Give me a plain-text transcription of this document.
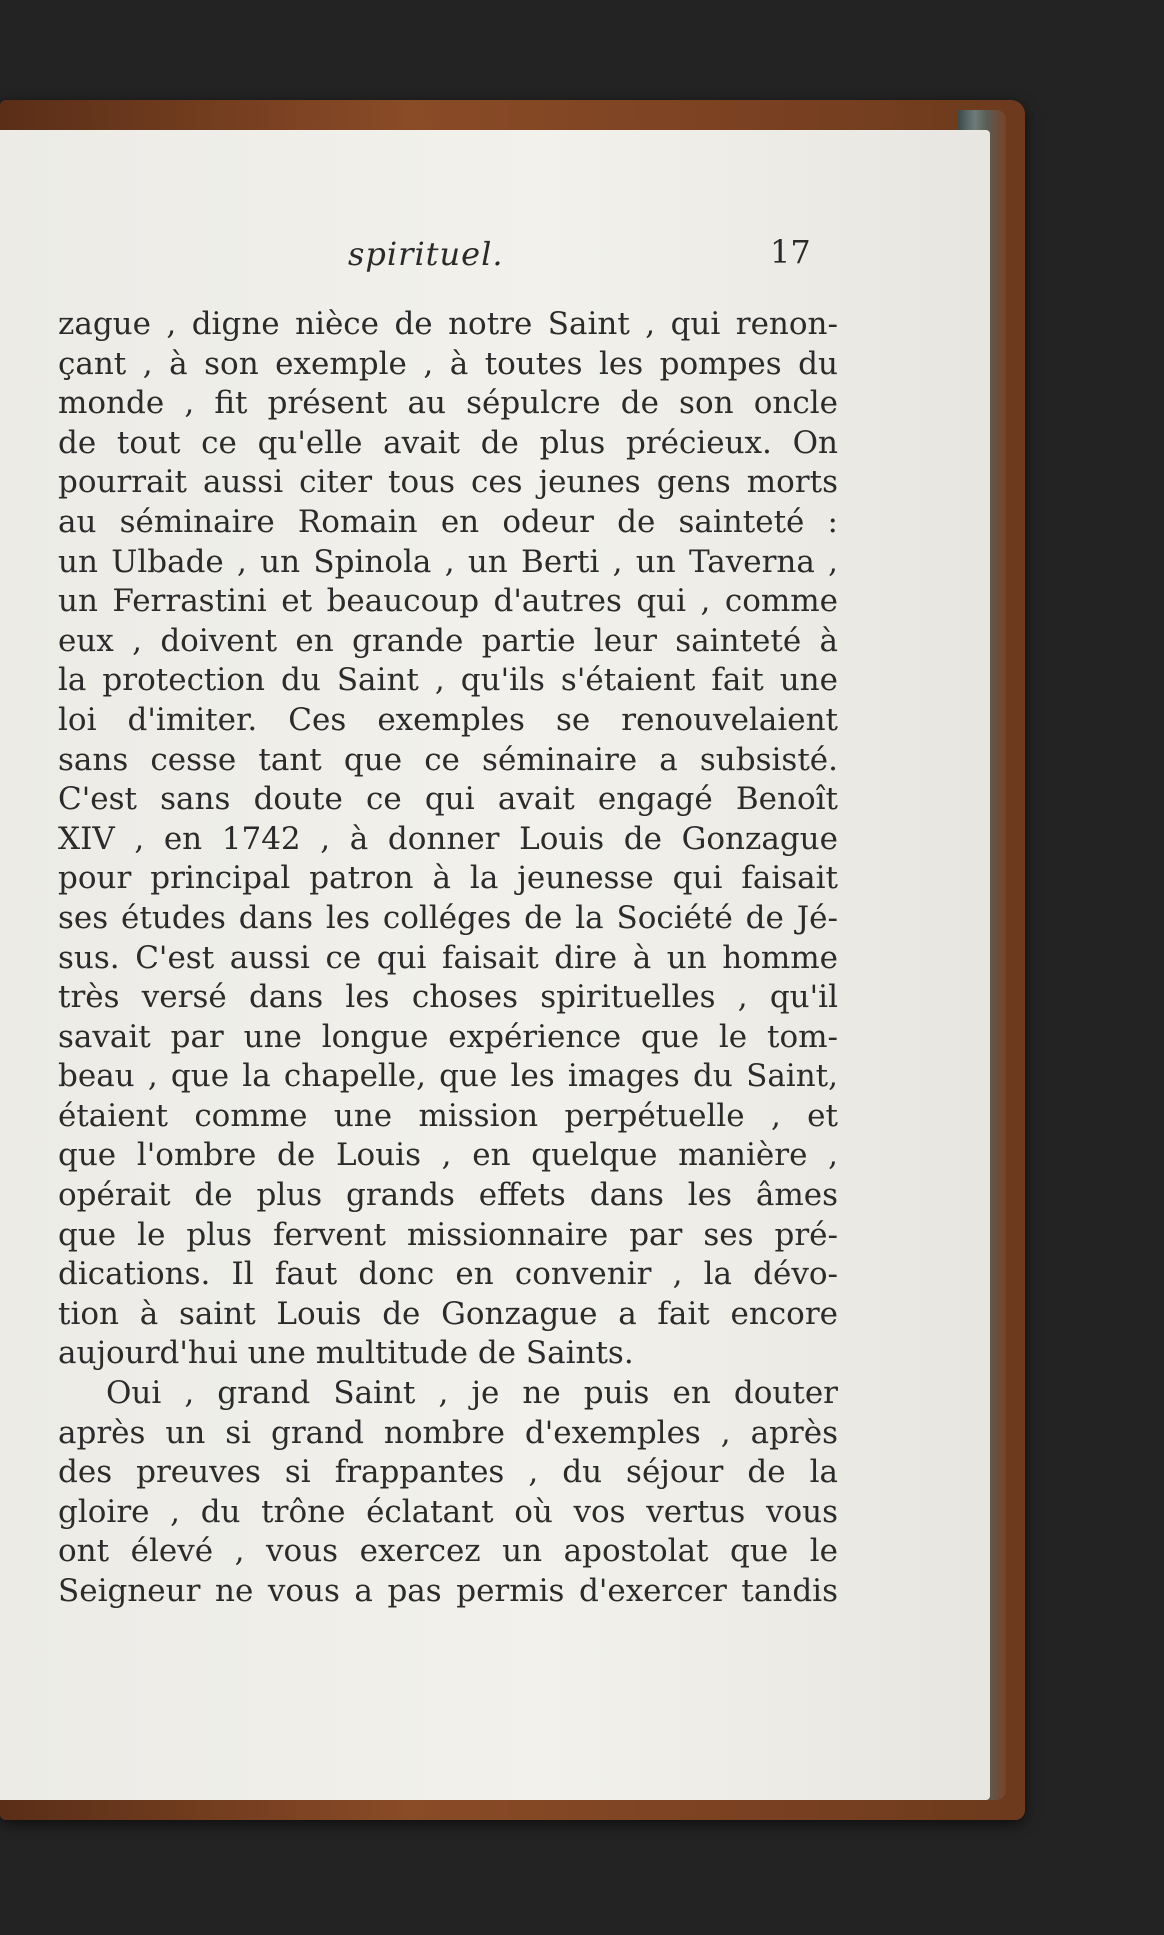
spirituel.	17
zague , digne nièce de notre Saint , qui renon-
çant , à son exemple , à toutes les pompes du
monde , fit présent au sépulcre de son oncle
de tout ce qu'elle avait de plus précieux. On
pourrait aussi citer tous ces jeunes gens morts
au séminaire Romain en odeur de sainteté :
un Ulbade , un Spinola , un Berti , un Taverna ,
un Ferrastini et beaucoup d'autres qui , comme
eux , doivent en grande partie leur sainteté à
la protection du Saint , qu'ils s'étaient fait une
loi d'imiter. Ces exemples se renouvelaient
sans cesse tant que ce séminaire a subsisté.
C'est sans doute ce qui avait engagé Benoît
XIV , en 1742 , à donner Louis de Gonzague
pour principal patron à la jeunesse qui faisait
ses études dans les colléges de la Société de Jé-
sus. C'est aussi ce qui faisait dire à un homme
très versé dans les choses spirituelles , qu'il
savait par une longue expérience que le tom-
beau , que la chapelle, que les images du Saint,
étaient comme une mission perpétuelle , et
que l'ombre de Louis , en quelque manière ,
opérait de plus grands effets dans les âmes
que le plus fervent missionnaire par ses pré-
dications. Il faut donc en convenir , la dévo-
tion à saint Louis de Gonzague a fait encore
aujourd'hui une multitude de Saints.
Oui , grand Saint , je ne puis en douter
après un si grand nombre d'exemples , après
des preuves si frappantes , du séjour de la
gloire , du trône éclatant où vos vertus vous
ont élevé , vous exercez un apostolat que le
Seigneur ne vous a pas permis d'exercer tandis
